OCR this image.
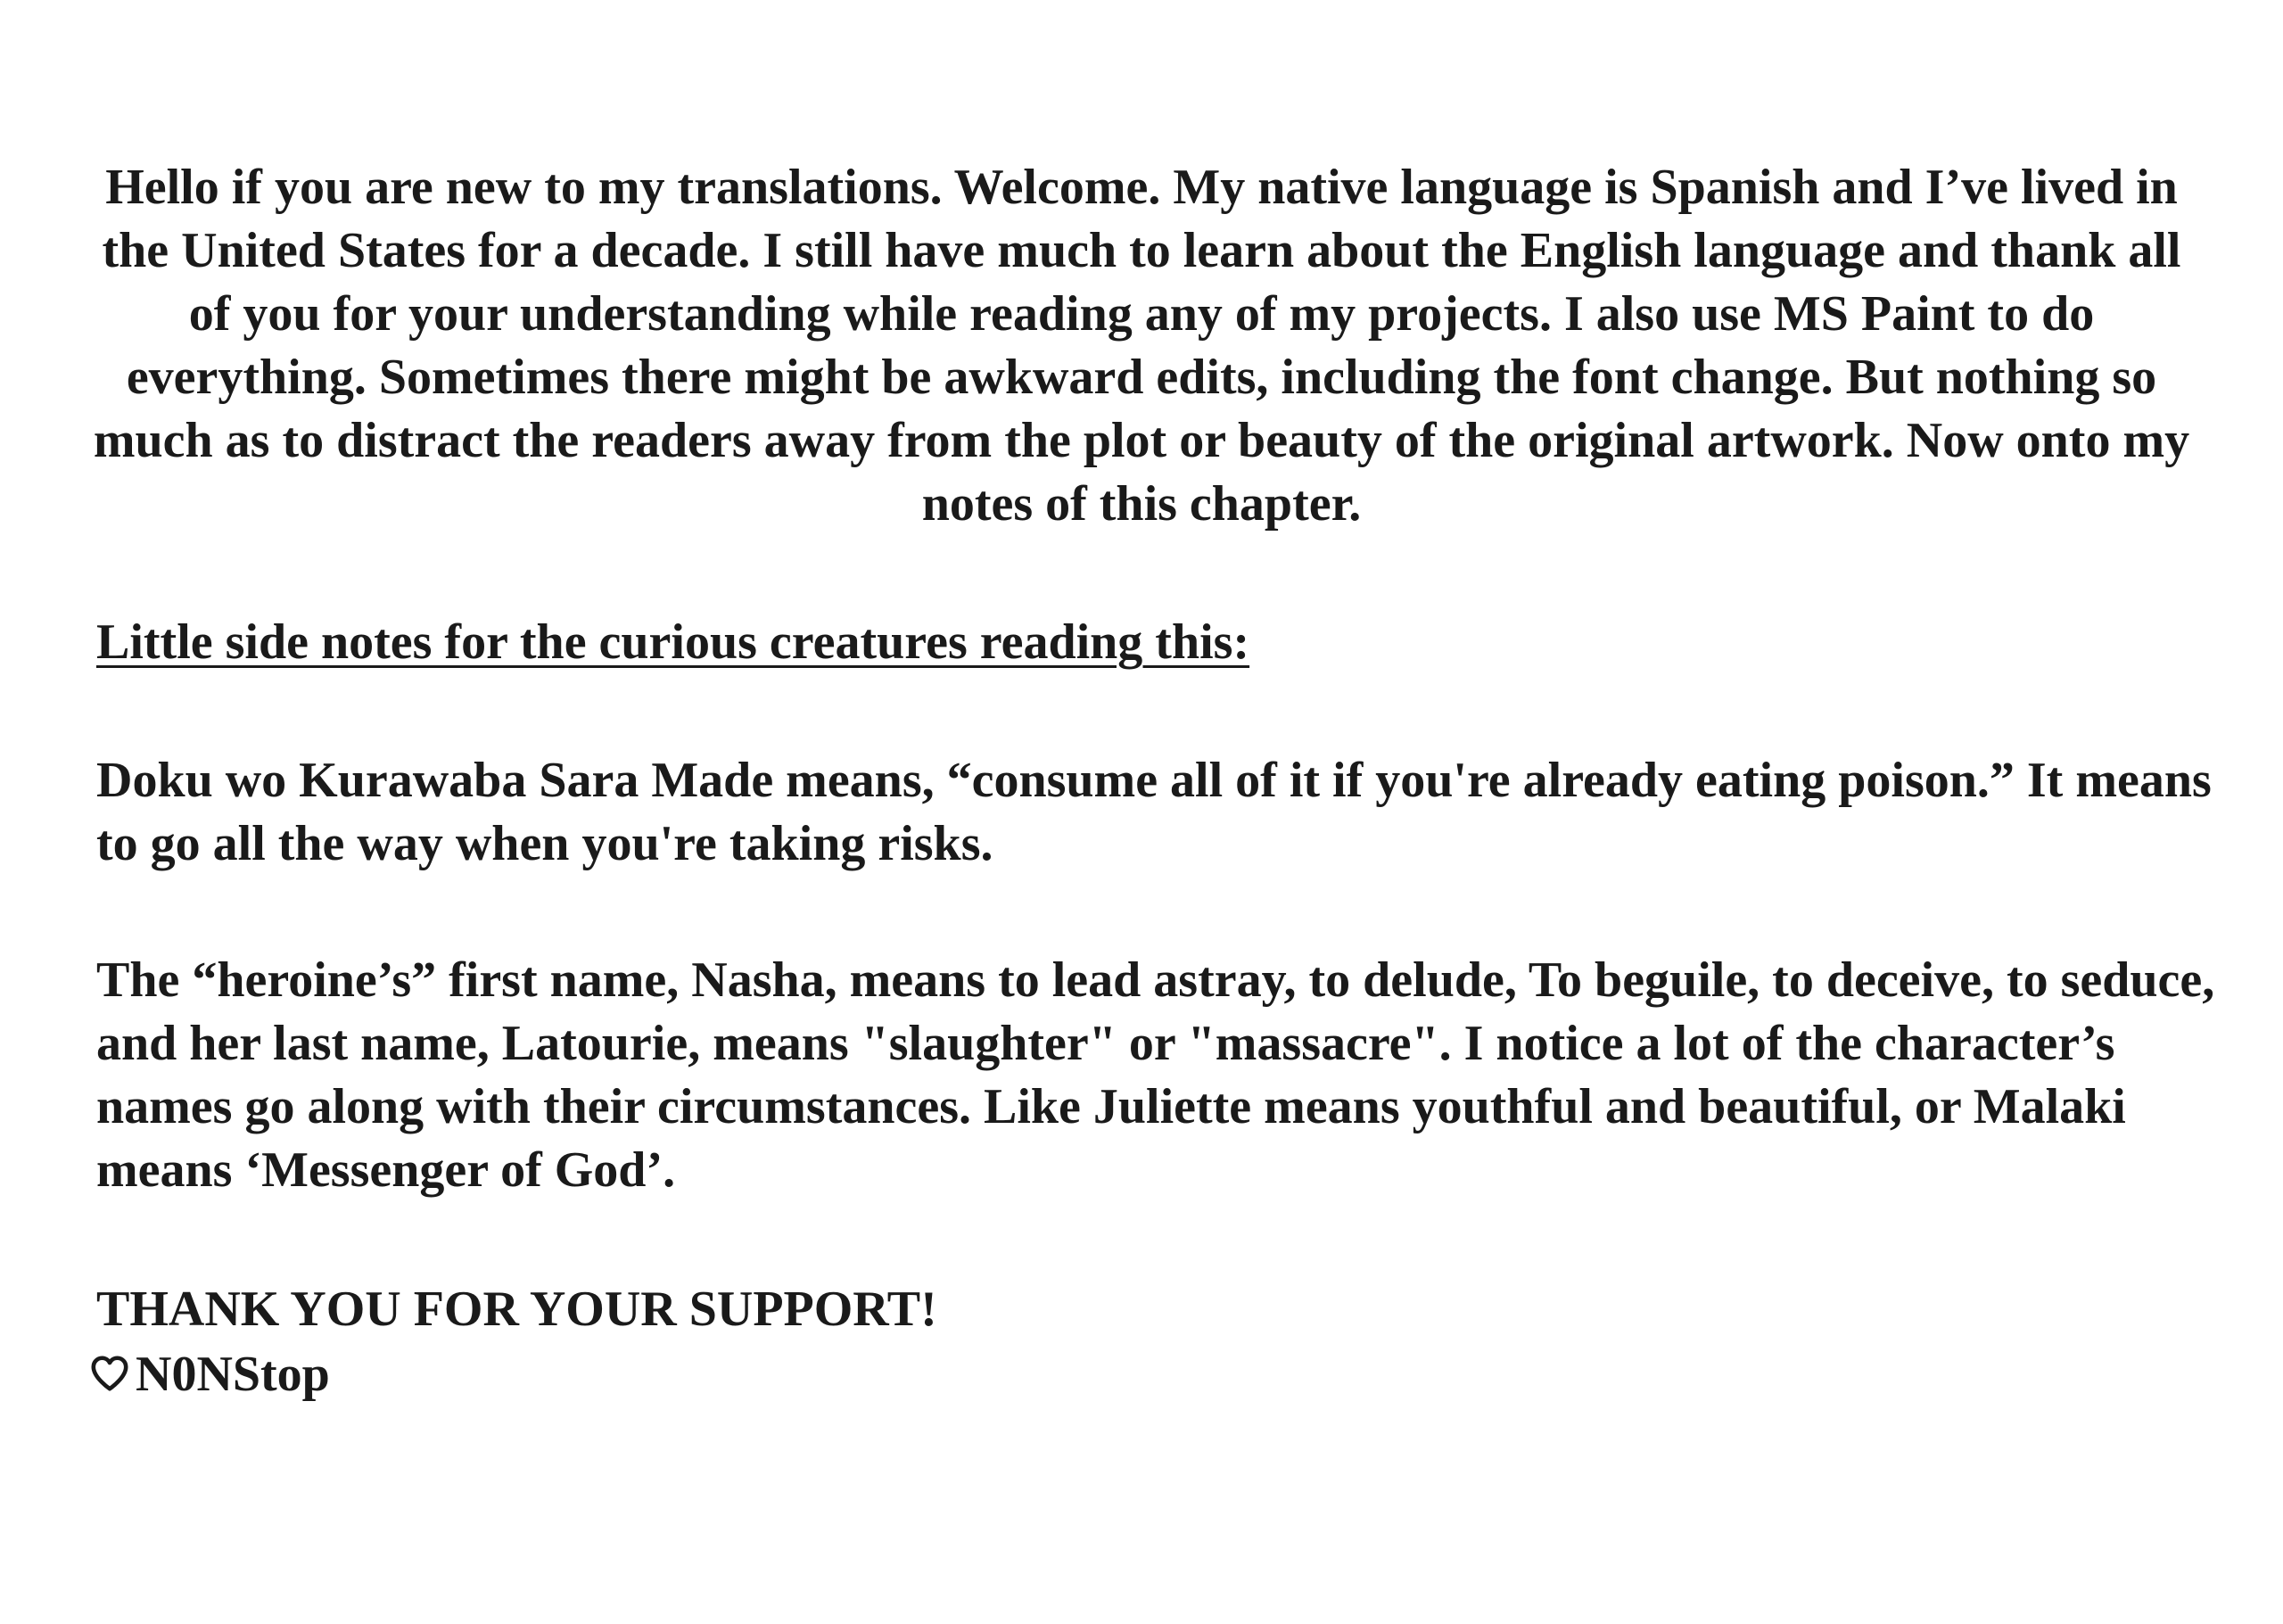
Hello if you are new to my translations. Welcome. My native language is Spanish and I’ve lived in the United States for a decade. I still have much to learn about the English language and thank all of you for your understanding while reading any of my projects. I also use MS Paint to do everything. Sometimes there might be awkward edits, including the font change. But nothing so much as to distract the readers away from the plot or beauty of the original artwork. Now onto my notes of this chapter.

Little side notes for the curious creatures reading this:

Doku wo Kurawaba Sara Made means, “consume all of it if you're already eating poison.” It means to go all the way when you're taking risks.

The “heroine’s” first name, Nasha, means to lead astray, to delude, To beguile, to deceive, to seduce, and her last name, Latourie, means "slaughter" or "massacre". I notice a lot of the character’s names go along with their circumstances. Like Juliette means youthful and beautiful, or Malaki means ‘Messenger of God’.

THANK YOU FOR YOUR SUPPORT!

N0NStop
